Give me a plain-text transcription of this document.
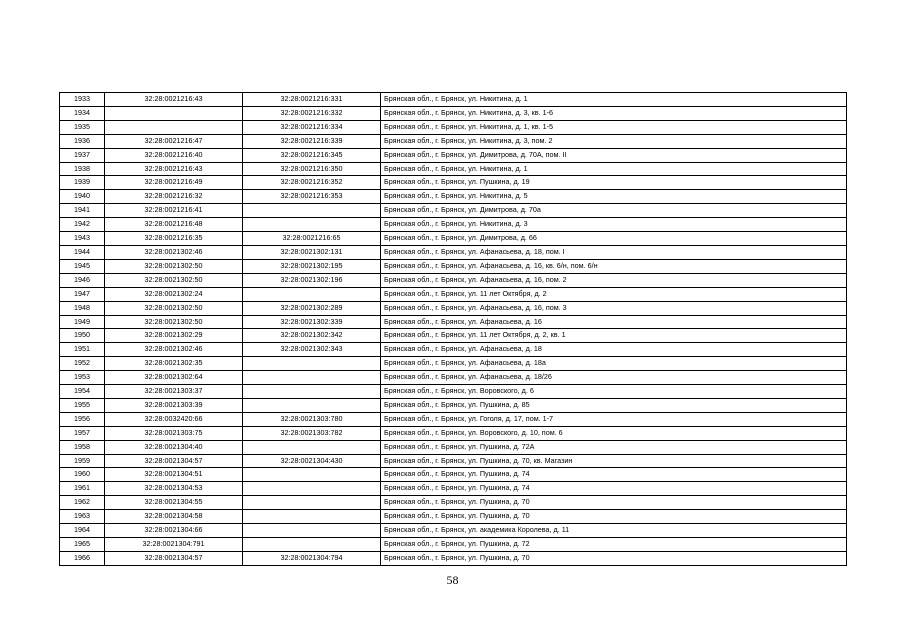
1933	32:28:0021216:43	32:28:0021216:331	Брянская обл., г. Брянск, ул. Никитина, д. 1
1934		32:28:0021216:332	Брянская обл., г. Брянск, ул. Никитина, д. 3, кв. 1-6
1935		32:28:0021216:334	Брянская обл., г. Брянск, ул. Никитина, д. 1, кв. 1-5
1936	32:28:0021216:47	32:28:0021216:339	Брянская обл., г. Брянск, ул. Никитина, д. 3, пом. 2
1937	32:28:0021216:40	32:28:0021216:345	Брянская обл., г. Брянск, ул. Димитрова, д. 70А, пом. II
1938	32:28:0021216:43	32:28:0021216:350	Брянская обл., г. Брянск, ул. Никитина, д. 1
1939	32:28:0021216:49	32:28:0021216:352	Брянская обл., г. Брянск, ул. Пушкина, д. 19
1940	32:28:0021216:32	32:28:0021216:353	Брянская обл., г. Брянск, ул. Никитина, д. 5
1941	32:28:0021216:41		Брянская обл., г. Брянск, ул. Димитрова, д. 70а
1942	32:28:0021216:48		Брянская обл., г. Брянск, ул. Никитина, д. 3
1943	32:28:0021216:35	32:28:0021216:65	Брянская обл., г. Брянск, ул. Димитрова, д. 66
1944	32:28:0021302:46	32:28:0021302:131	Брянская обл., г. Брянск, ул. Афанасьева, д. 18, пом. I
1945	32:28:0021302:50	32:28:0021302:195	Брянская обл., г. Брянск, ул. Афанасьева, д. 16, кв. 6/н, пом. 6/н
1946	32:28:0021302:50	32:28:0021302:196	Брянская обл., г. Брянск, ул. Афанасьева, д. 16, пом. 2
1947	32:28:0021302:24		Брянская обл., г. Брянск, ул. 11 лет Октября, д. 2
1948	32:28:0021302:50	32:28:0021302:289	Брянская обл., г. Брянск, ул. Афанасьева, д. 16, пом. 3
1949	32:28:0021302:50	32:28:0021302:339	Брянская обл., г. Брянск, ул. Афанасьева, д. 16
1950	32:28:0021302:29	32:28:0021302:342	Брянская обл., г. Брянск, ул. 11 лет Октября, д. 2, кв. 1
1951	32:28:0021302:46	32:28:0021302:343	Брянская обл., г. Брянск, ул. Афанасьева, д. 18
1952	32:28:0021302:35		Брянская обл., г. Брянск, ул. Афанасьева, д. 18а
1953	32:28:0021302:64		Брянская обл., г. Брянск, ул. Афанасьева, д. 18/26
1954	32:28:0021303:37		Брянская обл., г. Брянск, ул. Воровского, д. 6
1955	32:28:0021303:39		Брянская обл., г. Брянск, ул. Пушкина, д. 85
1956	32:28:0032420:66	32:28:0021303:780	Брянская обл., г. Брянск, ул. Гоголя, д. 17, пом. 1-7
1957	32:28:0021303:75	32:28:0021303:782	Брянская обл., г. Брянск, ул. Воровского, д. 10, пом. 6
1958	32:28:0021304:40		Брянская обл., г. Брянск, ул. Пушкина, д. 72А
1959	32:28:0021304:57	32:28:0021304:430	Брянская обл., г. Брянск, ул. Пушкина, д. 70, кв. Магазин
1960	32:28:0021304:51		Брянская обл., г. Брянск, ул. Пушкина, д. 74
1961	32:28:0021304:53		Брянская обл., г. Брянск, ул. Пушкина, д. 74
1962	32:28:0021304:55		Брянская обл., г. Брянск, ул. Пушкина, д. 70
1963	32:28:0021304:58		Брянская обл., г. Брянск, ул. Пушкина, д. 70
1964	32:28:0021304:66		Брянская обл., г. Брянск, ул. академика Королева, д. 11
1965	32:28:0021304:791		Брянская обл., г. Брянск, ул. Пушкина, д. 72
1966	32:28:0021304:57	32:28:0021304:794	Брянская обл., г. Брянск, ул. Пушкина, д. 70
58
